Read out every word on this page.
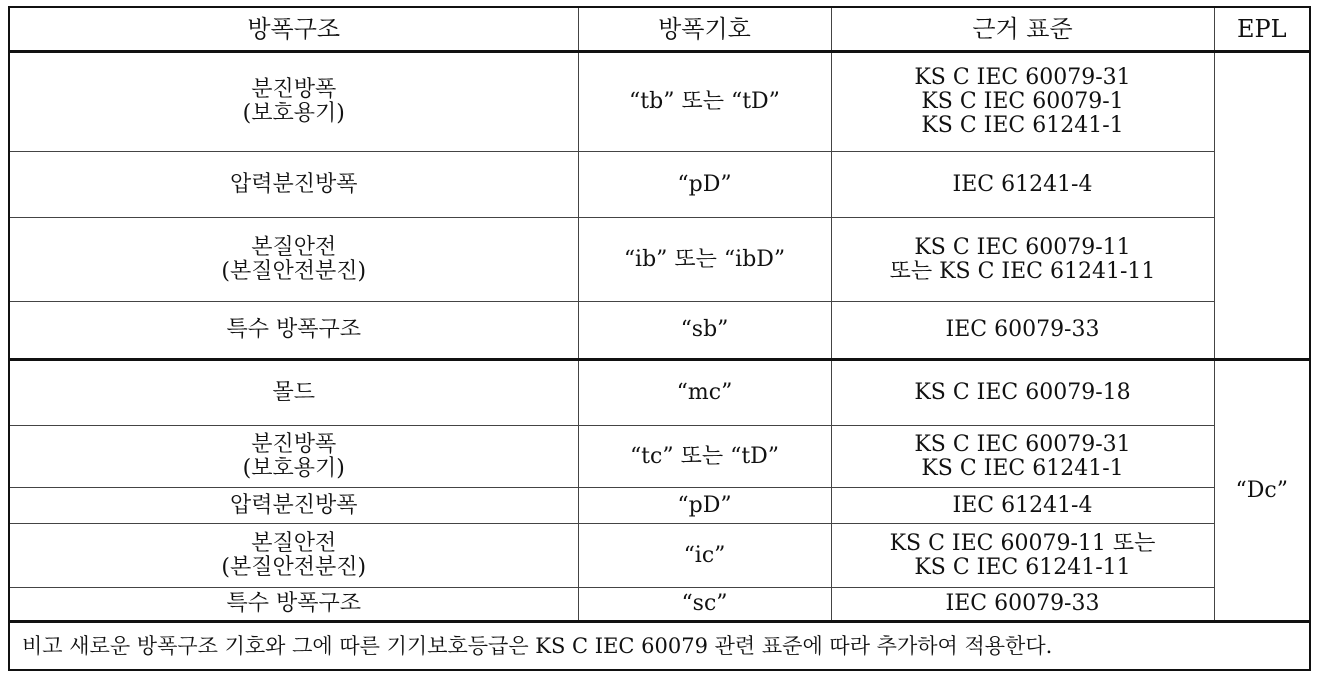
방폭구조	방폭기호	근거 표준	EPL

분진방폭
(보호용기)	“tb” 또는 “tD”	KS C IEC 60079-31
KS C IEC 60079-1
KS C IEC 61241-1	

압력분진방폭	“pD”	IEC 61241-4	

본질안전
(본질안전분진)	“ib” 또는 “ibD”	KS C IEC 60079-11
또는 KS C IEC 61241-11	

특수 방폭구조	“sb”	IEC 60079-33	
몰드	“mc”	KS C IEC 60079-18	“Dc”

분진방폭
(보호용기)	“tc” 또는 “tD”	KS C IEC 60079-31
KS C IEC 61241-1	

압력분진방폭	“pD”	IEC 61241-4	

본질안전
(본질안전분진)	“ic”	KS C IEC 60079-11 또는
KS C IEC 61241-11	

특수 방폭구조	“sc”	IEC 60079-33	
비고 새로운 방폭구조 기호와 그에 따른 기기보호등급은 KS C IEC 60079 관련 표준에 따라 추가하여 적용한다.			
